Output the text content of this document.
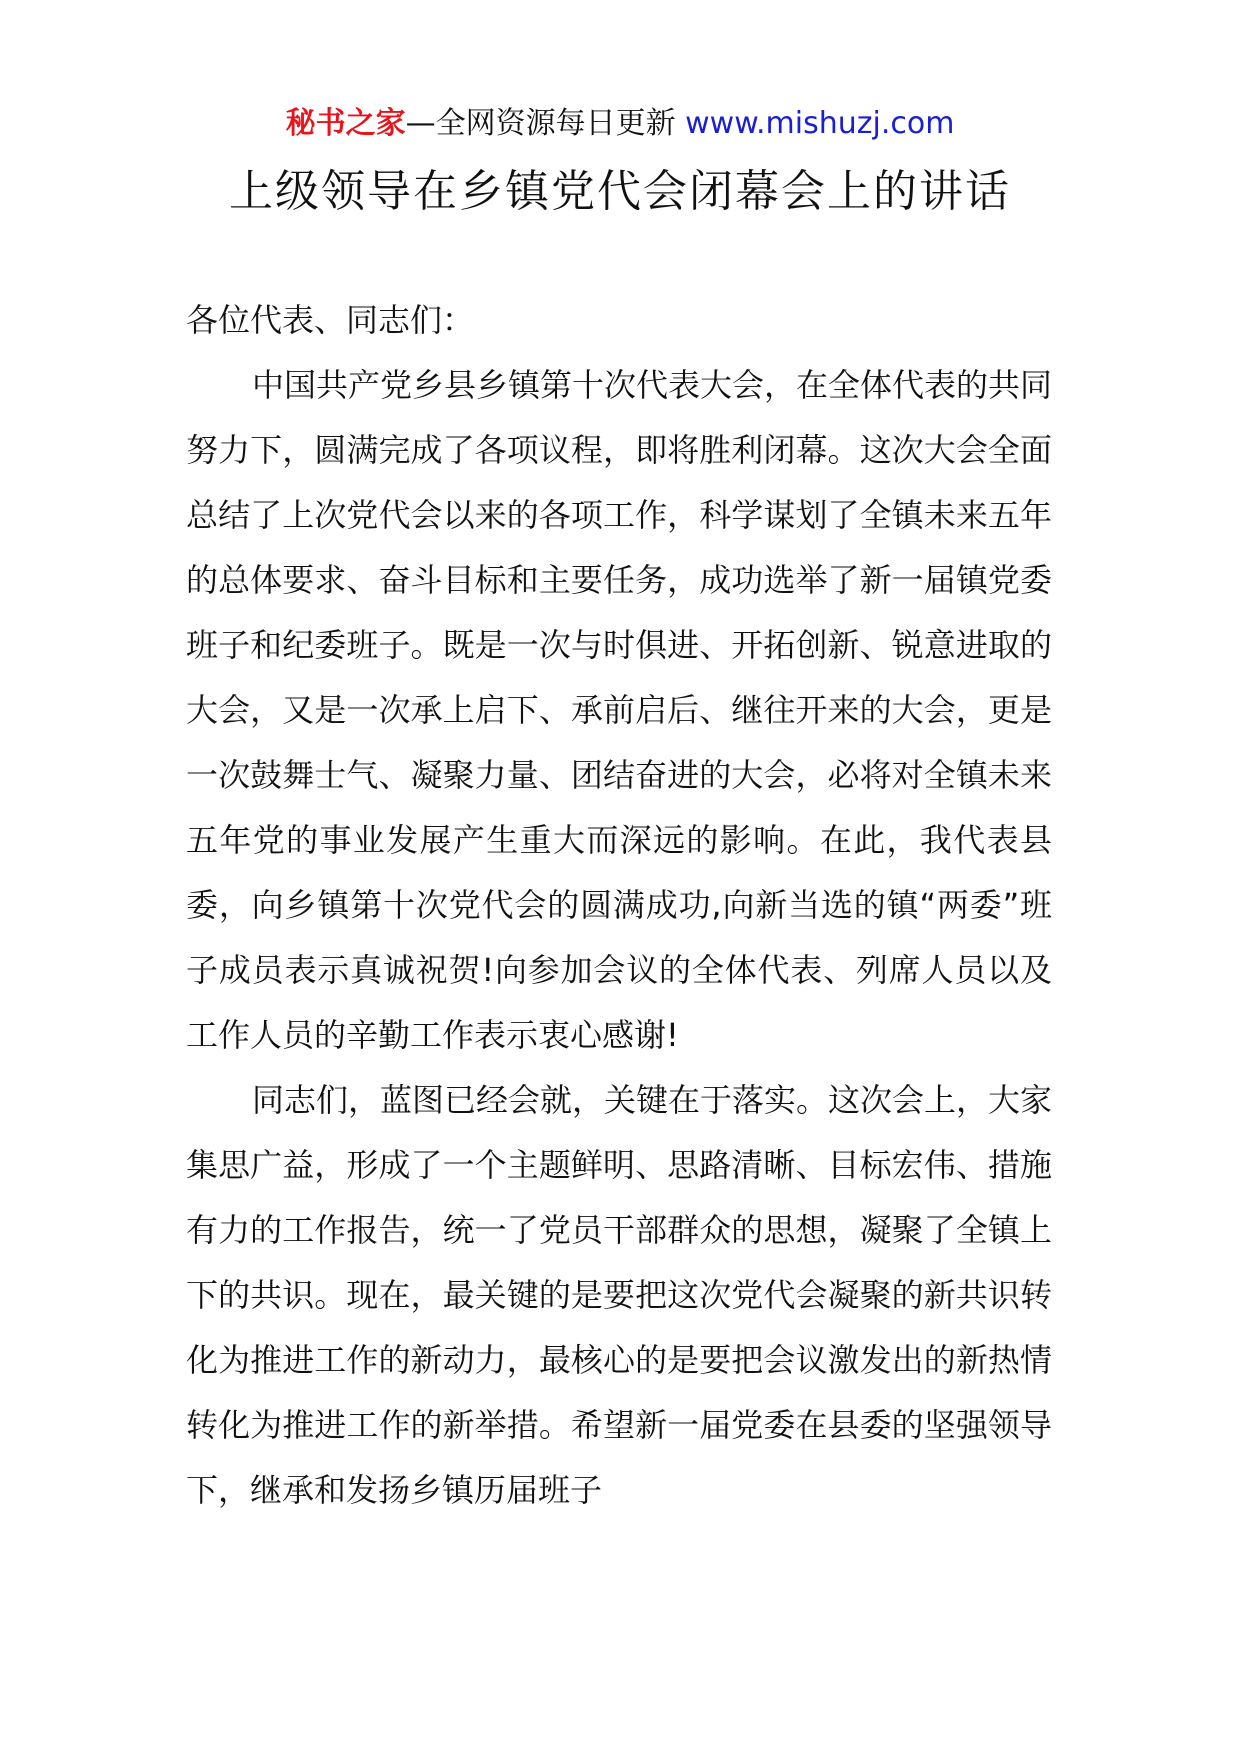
秘书之家—全网资源每日更新 www.mishuzj.com
上级领导在乡镇党代会闭幕会上的讲话

各位代表、同志们：

中国共产党乡县乡镇第十次代表大会，在全体代表的共同努力下，圆满完成了各项议程，即将胜利闭幕。这次大会全面总结了上次党代会以来的各项工作，科学谋划了全镇未来五年的总体要求、奋斗目标和主要任务，成功选举了新一届镇党委班子和纪委班子。既是一次与时俱进、开拓创新、锐意进取的大会，又是一次承上启下、承前启后、继往开来的大会，更是一次鼓舞士气、凝聚力量、团结奋进的大会，必将对全镇未来五年党的事业发展产生重大而深远的影响。在此，我代表县委，向乡镇第十次党代会的圆满成功,向新当选的镇“两委”班子成员表示真诚祝贺!向参加会议的全体代表、列席人员以及工作人员的辛勤工作表示衷心感谢!

同志们，蓝图已经会就，关键在于落实。这次会上，大家集思广益，形成了一个主题鲜明、思路清晰、目标宏伟、措施有力的工作报告，统一了党员干部群众的思想，凝聚了全镇上下的共识。现在，最关键的是要把这次党代会凝聚的新共识转化为推进工作的新动力，最核心的是要把会议激发出的新热情转化为推进工作的新举措。希望新一届党委在县委的坚强领导下，继承和发扬乡镇历届班子
